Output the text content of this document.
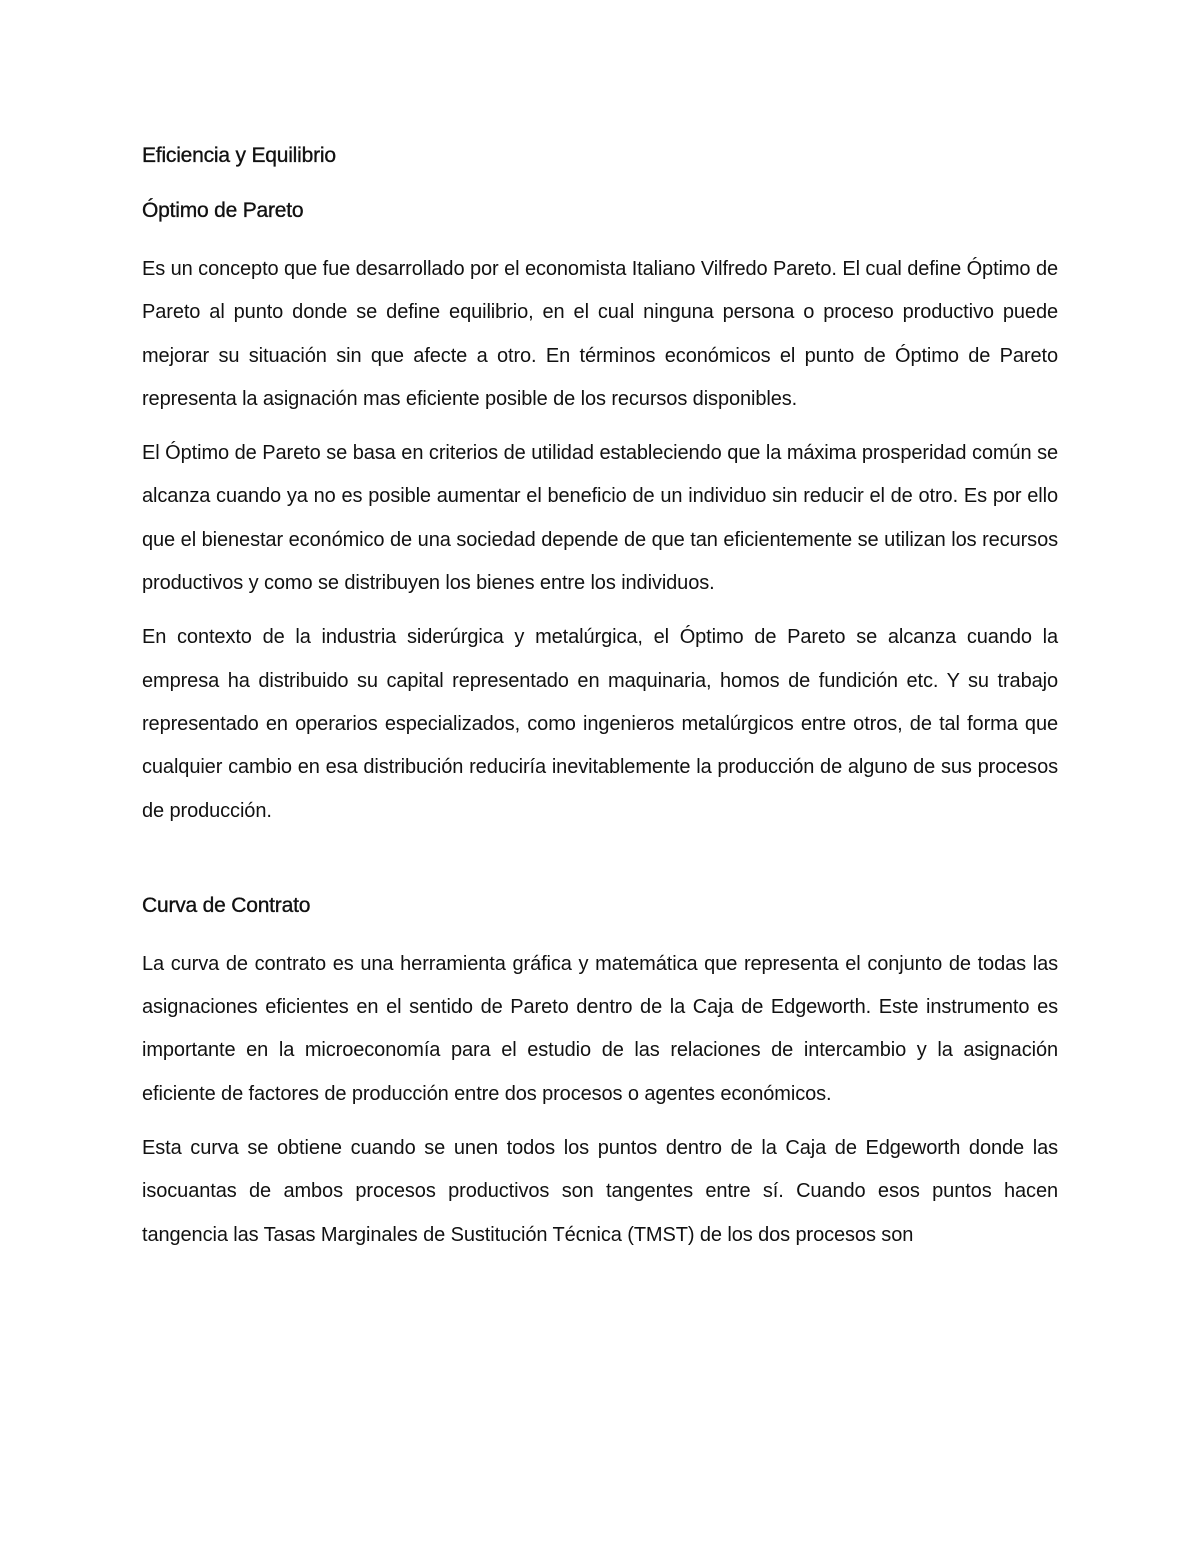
Eficiencia y Equilibrio
Óptimo de Pareto

Es un concepto que fue desarrollado por el economista Italiano Vilfredo Pareto. El cual define Óptimo de Pareto al punto donde se define equilibrio, en el cual ninguna persona o proceso productivo puede mejorar su situación sin que afecte a otro. En términos económicos el punto de Óptimo de Pareto representa la asignación mas eficiente posible de los recursos disponibles.

El Óptimo de Pareto se basa en criterios de utilidad estableciendo que la máxima prosperidad común se alcanza cuando ya no es posible aumentar el beneficio de un individuo sin reducir el de otro. Es por ello que el bienestar económico de una sociedad depende de que tan eficientemente se utilizan los recursos productivos y como se distribuyen los bienes entre los individuos.

En contexto de la industria siderúrgica y metalúrgica, el Óptimo de Pareto se alcanza cuando la empresa ha distribuido su capital representado en maquinaria, homos de fundición etc. Y su trabajo representado en operarios especializados, como ingenieros metalúrgicos entre otros, de tal forma que cualquier cambio en esa distribución reduciría inevitablemente la producción de alguno de sus procesos de producción.

Curva de Contrato

La curva de contrato es una herramienta gráfica y matemática que representa el conjunto de todas las asignaciones eficientes en el sentido de Pareto dentro de la Caja de Edgeworth. Este instrumento es importante en la microeconomía para el estudio de las relaciones de intercambio y la asignación eficiente de factores de producción entre dos procesos o agentes económicos.

Esta curva se obtiene cuando se unen todos los puntos dentro de la Caja de Edgeworth donde las isocuantas de ambos procesos productivos son tangentes entre sí. Cuando esos puntos hacen tangencia las Tasas Marginales de Sustitución Técnica (TMST) de los dos procesos son
